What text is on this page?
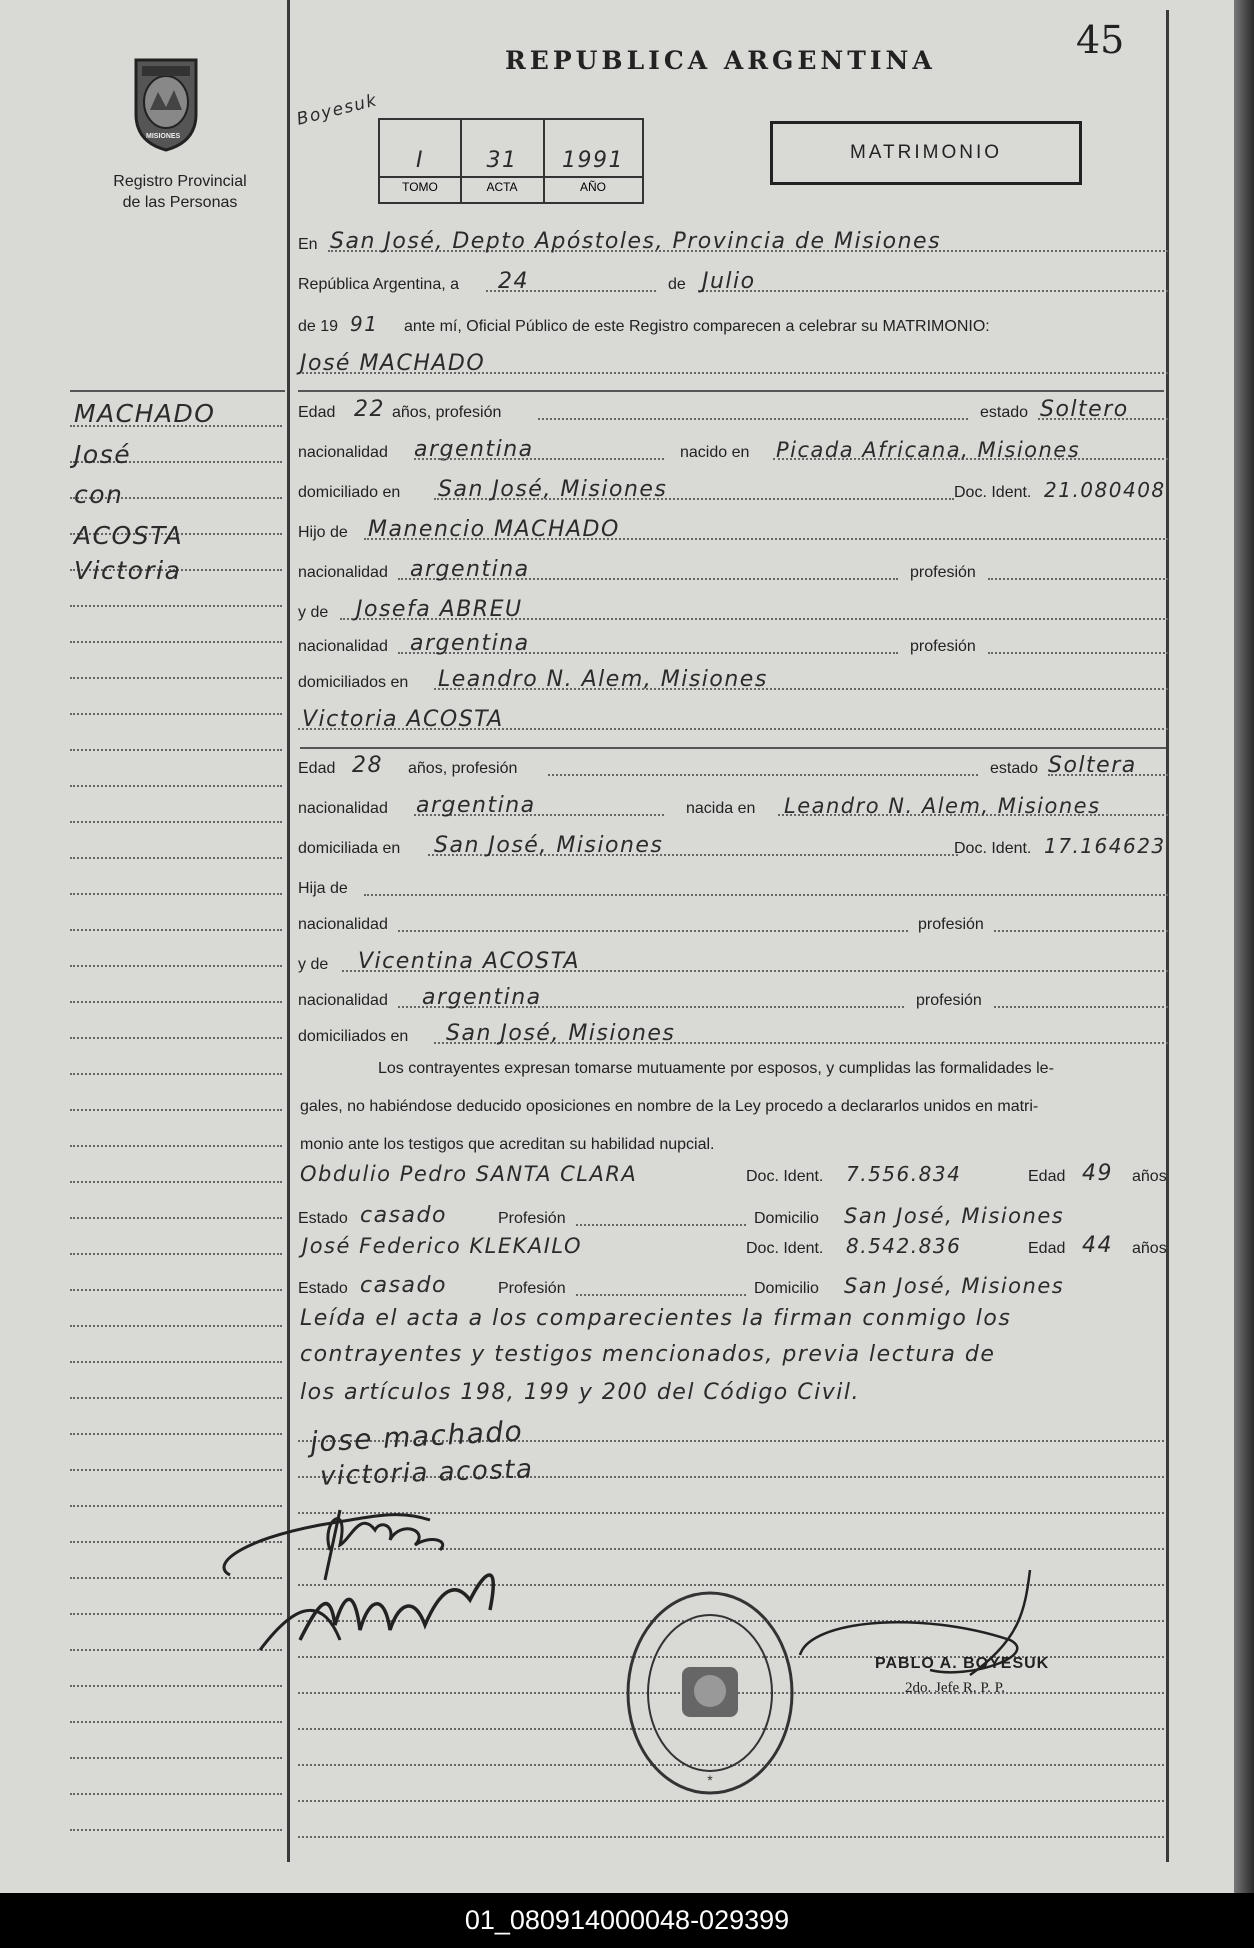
45
MISIONES
Registro Provincial
de las Personas
REPUBLICA ARGENTINA
Boyesuk
I	31	1991
TOMO	ACTA	AÑO
MATRIMONIO
MACHADO
José
con
ACOSTA
Victoria
En San José, Depto Apóstoles, Provincia de Misiones
República Argentina, a 24	de Julio
de 19 91 ante mí, Oficial Público de este Registro comparecen a celebrar su MATRIMONIO:
José MACHADO
Edad 22 años, profesión	estado Soltero
nacionalidad argentina	nacido en Picada Africana, Misiones
domiciliado en San José, Misiones	Doc. Ident. 21.080408
Hijo de Manencio MACHADO
nacionalidad argentina	profesión
y de Josefa ABREU
nacionalidad argentina	profesión
domiciliados en Leandro N. Alem, Misiones
Victoria ACOSTA
Edad 28 años, profesión	estado Soltera
nacionalidad argentina	nacida en Leandro N. Alem, Misiones
domiciliada en San José, Misiones	Doc. Ident. 17.164623
Hija de
nacionalidad	profesión
y de Vicentina ACOSTA
nacionalidad argentina	profesión
domiciliados en San José, Misiones
Los contrayentes expresan tomarse mutuamente por esposos, y cumplidas las formalidades le-
gales, no habiéndose deducido oposiciones en nombre de la Ley procedo a declararlos unidos en matri-
monio ante los testigos que acreditan su habilidad nupcial.
Obdulio Pedro SANTA CLARA	Doc. Ident. 7.556.834	Edad 49 años
Estado casado	Profesión	Domicilio San José, Misiones
José Federico KLEKAILO	Doc. Ident. 8.542.836	Edad 44 años
Estado casado	Profesión	Domicilio San José, Misiones
Leída el acta a los comparecientes la firman conmigo los
contrayentes y testigos mencionados, previa lectura de
los artículos 198, 199 y 200 del Código Civil.
jose machado
victoria acosta
*
PABLO A. BOYESUK
2do. Jefe R. P. P.
01_080914000048-029399
